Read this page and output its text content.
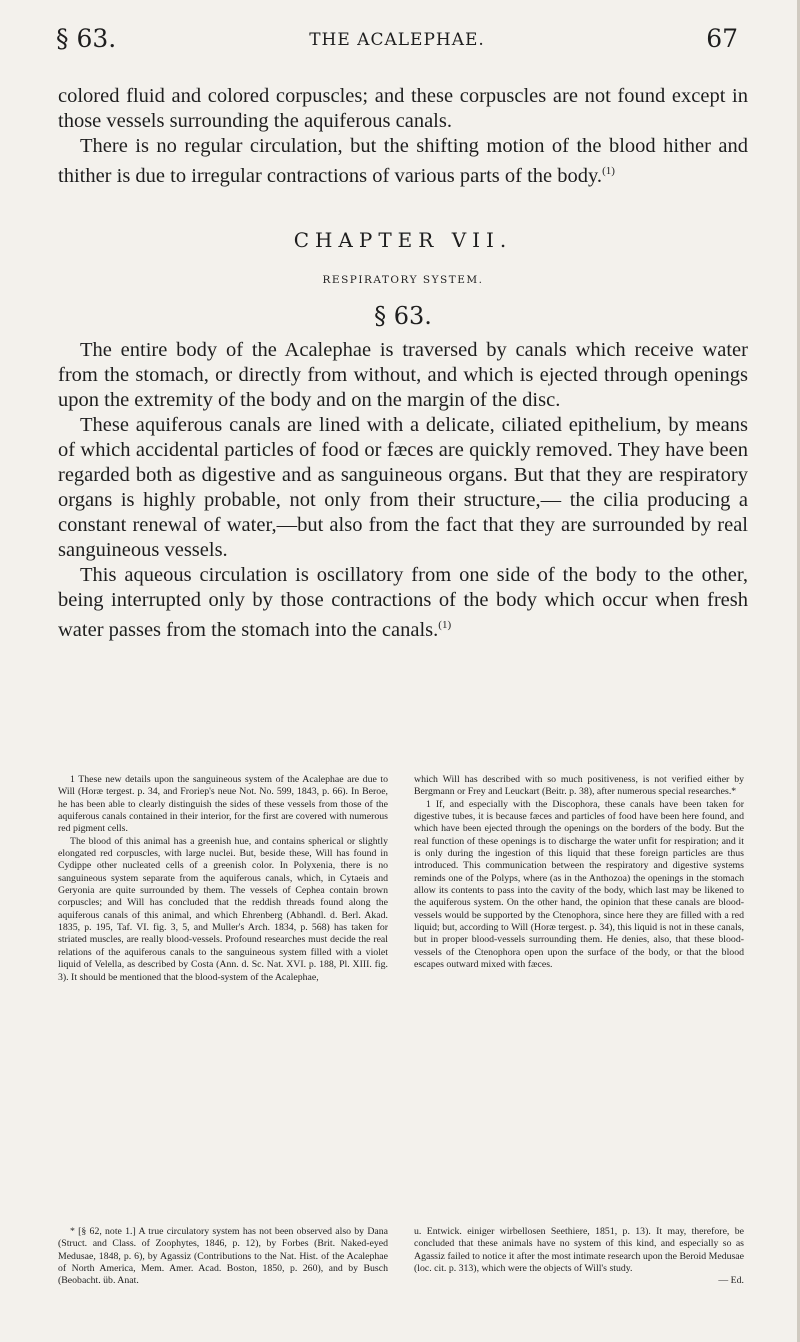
§ 63.	THE ACALEPHAE.	67

colored fluid and colored corpuscles; and these corpuscles are not found except in those vessels surrounding the aquiferous canals.

There is no regular circulation, but the shifting motion of the blood hither and thither is due to irregular contractions of various parts of the body.$^{(1)}$

CHAPTER VII.

RESPIRATORY SYSTEM.

§ 63.

The entire body of the Acalephae is traversed by canals which receive water from the stomach, or directly from without, and which is ejected through openings upon the extremity of the body and on the margin of the disc.

These aquiferous canals are lined with a delicate, ciliated epithelium, by means of which accidental particles of food or fæces are quickly removed. They have been regarded both as digestive and as sanguineous organs. But that they are respiratory organs is highly probable, not only from their structure,— the cilia producing a constant renewal of water,—but also from the fact that they are surrounded by real sanguineous vessels.

This aqueous circulation is oscillatory from one side of the body to the other, being interrupted only by those contractions of the body which occur when fresh water passes from the stomach into the canals.$^{(1)}$

1 These new details upon the sanguineous system of the Acalephae are due to Will (Horæ tergest. p. 34, and Froriep's neue Not. No. 599, 1843, p. 66). In Beroe, he has been able to clearly distinguish the sides of these vessels from those of the aquiferous canals contained in their interior, for the first are covered with numerous red pigment cells.

The blood of this animal has a greenish hue, and contains spherical or slightly elongated red corpuscles, with large nuclei. But, beside these, Will has found in Cydippe other nucleated cells of a greenish color. In Polyxenia, there is no sanguineous system separate from the aquiferous canals, which, in Cytaeis and Geryonia are quite surrounded by them. The vessels of Cephea contain brown corpuscles; and Will has concluded that the reddish threads found along the aquiferous canals of this animal, and which Ehrenberg (Abhandl. d. Berl. Akad. 1835, p. 195, Taf. VI. fig. 3, 5, and Muller's Arch. 1834, p. 568) has taken for striated muscles, are really blood-vessels. Profound researches must decide the real relations of the aquiferous canals to the sanguineous system filled with a violet liquid of Velella, as described by Costa (Ann. d. Sc. Nat. XVI. p. 188, Pl. XIII. fig. 3). It should be mentioned that the blood-system of the Acalephae,

which Will has described with so much positiveness, is not verified either by Bergmann or Frey and Leuckart (Beitr. p. 38), after numerous special researches.*

1 If, and especially with the Discophora, these canals have been taken for digestive tubes, it is because fæces and particles of food have been here found, and which have been ejected through the openings on the borders of the body. But the real function of these openings is to discharge the water unfit for respiration; and it is only during the ingestion of this liquid that these foreign particles are thus introduced. This communication between the respiratory and digestive systems reminds one of the Polyps, where (as in the Anthozoa) the openings in the stomach allow its contents to pass into the cavity of the body, which last may be likened to the aquiferous system. On the other hand, the opinion that these canals are blood-vessels would be supported by the Ctenophora, since here they are filled with a red liquid; but, according to Will (Horæ tergest. p. 34), this liquid is not in these canals, but in proper blood-vessels surrounding them. He denies, also, that these blood-vessels of the Ctenophora open upon the surface of the body, or that the blood escapes outward mixed with fæces.

* [§ 62, note 1.] A true circulatory system has not been observed also by Dana (Struct. and Class. of Zoophytes, 1846, p. 12), by Forbes (Brit. Naked-eyed Medusae, 1848, p. 6), by Agassiz (Contributions to the Nat. Hist. of the Acalephae of North America, Mem. Amer. Acad. Boston, 1850, p. 260), and by Busch (Beobacht. üb. Anat.

u. Entwick. einiger wirbellosen Seethiere, 1851, p. 13). It may, therefore, be concluded that these animals have no system of this kind, and especially so as Agassiz failed to notice it after the most intimate research upon the Beroid Medusae (loc. cit. p. 313), which were the objects of Will's study.

— Ed.
